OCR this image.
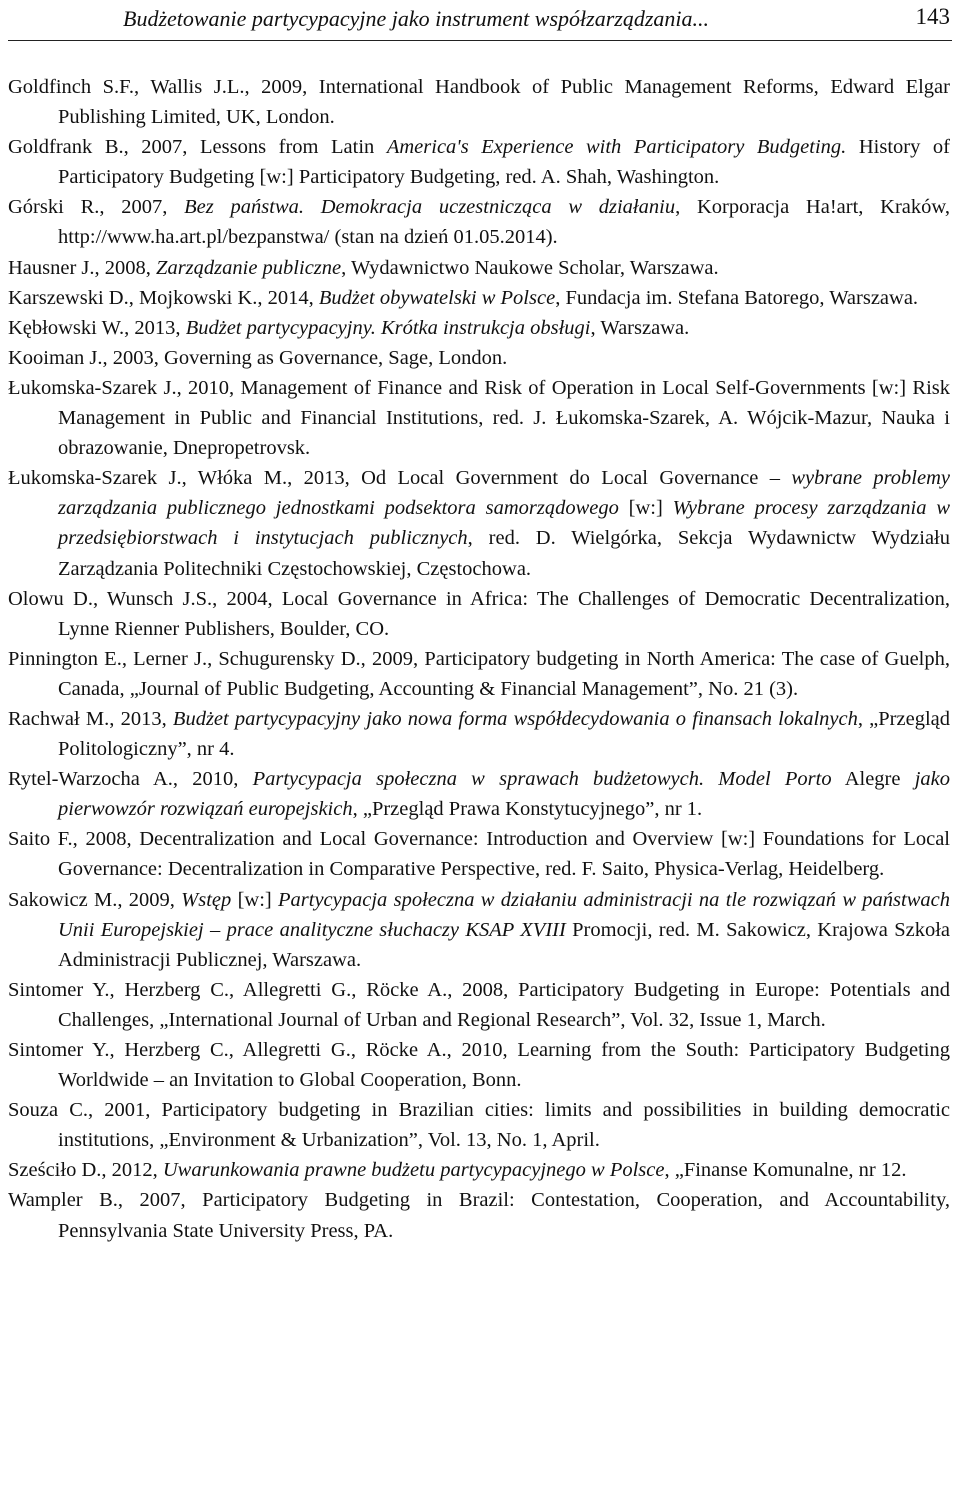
Budżetowanie partycypacyjne jako instrument współzarządzania...	143
Goldfinch S.F., Wallis J.L., 2009, International Handbook of Public Management Reforms, Edward Elgar Publishing Limited, UK, London.
Goldfrank B., 2007, Lessons from Latin America's Experience with Participatory Budgeting. History of Participatory Budgeting [w:] Participatory Budgeting, red. A. Shah, Washington.
Górski R., 2007, Bez państwa. Demokracja uczestnicząca w działaniu, Korporacja Ha!art, Kraków, http://www.ha.art.pl/bezpanstwa/ (stan na dzień 01.05.2014).
Hausner J., 2008, Zarządzanie publiczne, Wydawnictwo Naukowe Scholar, Warszawa.
Karszewski D., Mojkowski K., 2014, Budżet obywatelski w Polsce, Fundacja im. Stefana Batorego, Warszawa.
Kębłowski W., 2013, Budżet partycypacyjny. Krótka instrukcja obsługi, Warszawa.
Kooiman J., 2003, Governing as Governance, Sage, London.
Łukomska-Szarek J., 2010, Management of Finance and Risk of Operation in Local Self-Governments [w:] Risk Management in Public and Financial Institutions, red. J. Łukomska-Szarek, A. Wójcik-Mazur, Nauka i obrazowanie, Dnepropetrovsk.
Łukomska-Szarek J., Włóka M., 2013, Od Local Government do Local Governance – wybrane problemy zarządzania publicznego jednostkami podsektora samorządowego [w:] Wybrane procesy zarządzania w przedsiębiorstwach i instytucjach publicznych, red. D. Wielgórka, Sekcja Wydawnictw Wydziału Zarządzania Politechniki Częstochowskiej, Częstochowa.
Olowu D., Wunsch J.S., 2004, Local Governance in Africa: The Challenges of Democratic Decentralization, Lynne Rienner Publishers, Boulder, CO.
Pinnington E., Lerner J., Schugurensky D., 2009, Participatory budgeting in North America: The case of Guelph, Canada, „Journal of Public Budgeting, Accounting & Financial Management”, No. 21 (3).
Rachwał M., 2013, Budżet partycypacyjny jako nowa forma współdecydowania o finansach lokalnych, „Przegląd Politologiczny”, nr 4.
Rytel-Warzocha A., 2010, Partycypacja społeczna w sprawach budżetowych. Model Porto Alegre jako pierwowzór rozwiązań europejskich, „Przegląd Prawa Konstytucyjnego”, nr 1.
Saito F., 2008, Decentralization and Local Governance: Introduction and Overview [w:] Foundations for Local Governance: Decentralization in Comparative Perspective, red. F. Saito, Physica-Verlag, Heidelberg.
Sakowicz M., 2009, Wstęp [w:] Partycypacja społeczna w działaniu administracji na tle rozwiązań w państwach Unii Europejskiej – prace analityczne słuchaczy KSAP XVIII Promocji, red. M. Sakowicz, Krajowa Szkoła Administracji Publicznej, Warszawa.
Sintomer Y., Herzberg C., Allegretti G., Röcke A., 2008, Participatory Budgeting in Europe: Potentials and Challenges, „International Journal of Urban and Regional Research”, Vol. 32, Issue 1, March.
Sintomer Y., Herzberg C., Allegretti G., Röcke A., 2010, Learning from the South: Participatory Budgeting Worldwide – an Invitation to Global Cooperation, Bonn.
Souza C., 2001, Participatory budgeting in Brazilian cities: limits and possibilities in building democratic institutions, „Environment & Urbanization”, Vol. 13, No. 1, April.
Sześciło D., 2012, Uwarunkowania prawne budżetu partycypacyjnego w Polsce, „Finanse Komunalne, nr 12.
Wampler B., 2007, Participatory Budgeting in Brazil: Contestation, Cooperation, and Accountability, Pennsylvania State University Press, PA.
